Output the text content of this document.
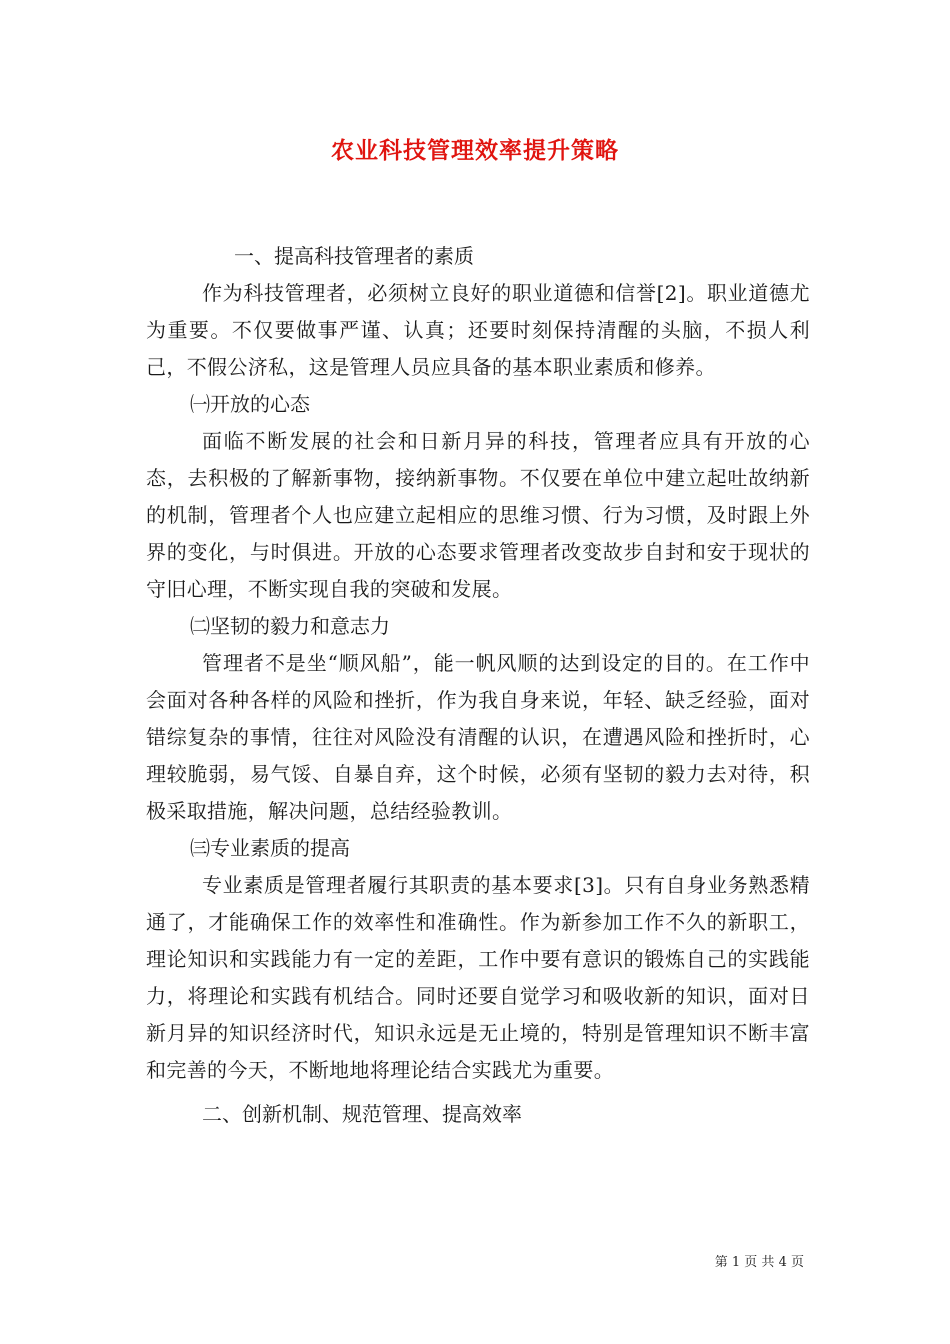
农业科技管理效率提升策略

一、提高科技管理者的素质

作为科技管理者，必须树立良好的职业道德和信誉[2]。职业道德尤为重要。不仅要做事严谨、认真；还要时刻保持清醒的头脑，不损人利己，不假公济私，这是管理人员应具备的基本职业素质和修养。

㈠开放的心态

面临不断发展的社会和日新月异的科技，管理者应具有开放的心态，去积极的了解新事物，接纳新事物。不仅要在单位中建立起吐故纳新的机制，管理者个人也应建立起相应的思维习惯、行为习惯，及时跟上外界的变化，与时俱进。开放的心态要求管理者改变故步自封和安于现状的守旧心理，不断实现自我的突破和发展。

㈡坚韧的毅力和意志力

管理者不是坐“顺风船”，能一帆风顺的达到设定的目的。在工作中会面对各种各样的风险和挫折，作为我自身来说，年轻、缺乏经验，面对错综复杂的事情，往往对风险没有清醒的认识，在遭遇风险和挫折时，心理较脆弱，易气馁、自暴自弃，这个时候，必须有坚韧的毅力去对待，积极采取措施，解决问题，总结经验教训。

㈢专业素质的提高

专业素质是管理者履行其职责的基本要求[3]。只有自身业务熟悉精通了，才能确保工作的效率性和准确性。作为新参加工作不久的新职工，理论知识和实践能力有一定的差距，工作中要有意识的锻炼自己的实践能力，将理论和实践有机结合。同时还要自觉学习和吸收新的知识，面对日新月异的知识经济时代，知识永远是无止境的，特别是管理知识不断丰富和完善的今天，不断地地将理论结合实践尤为重要。

二、创新机制、规范管理、提高效率

第 1 页 共 4 页
